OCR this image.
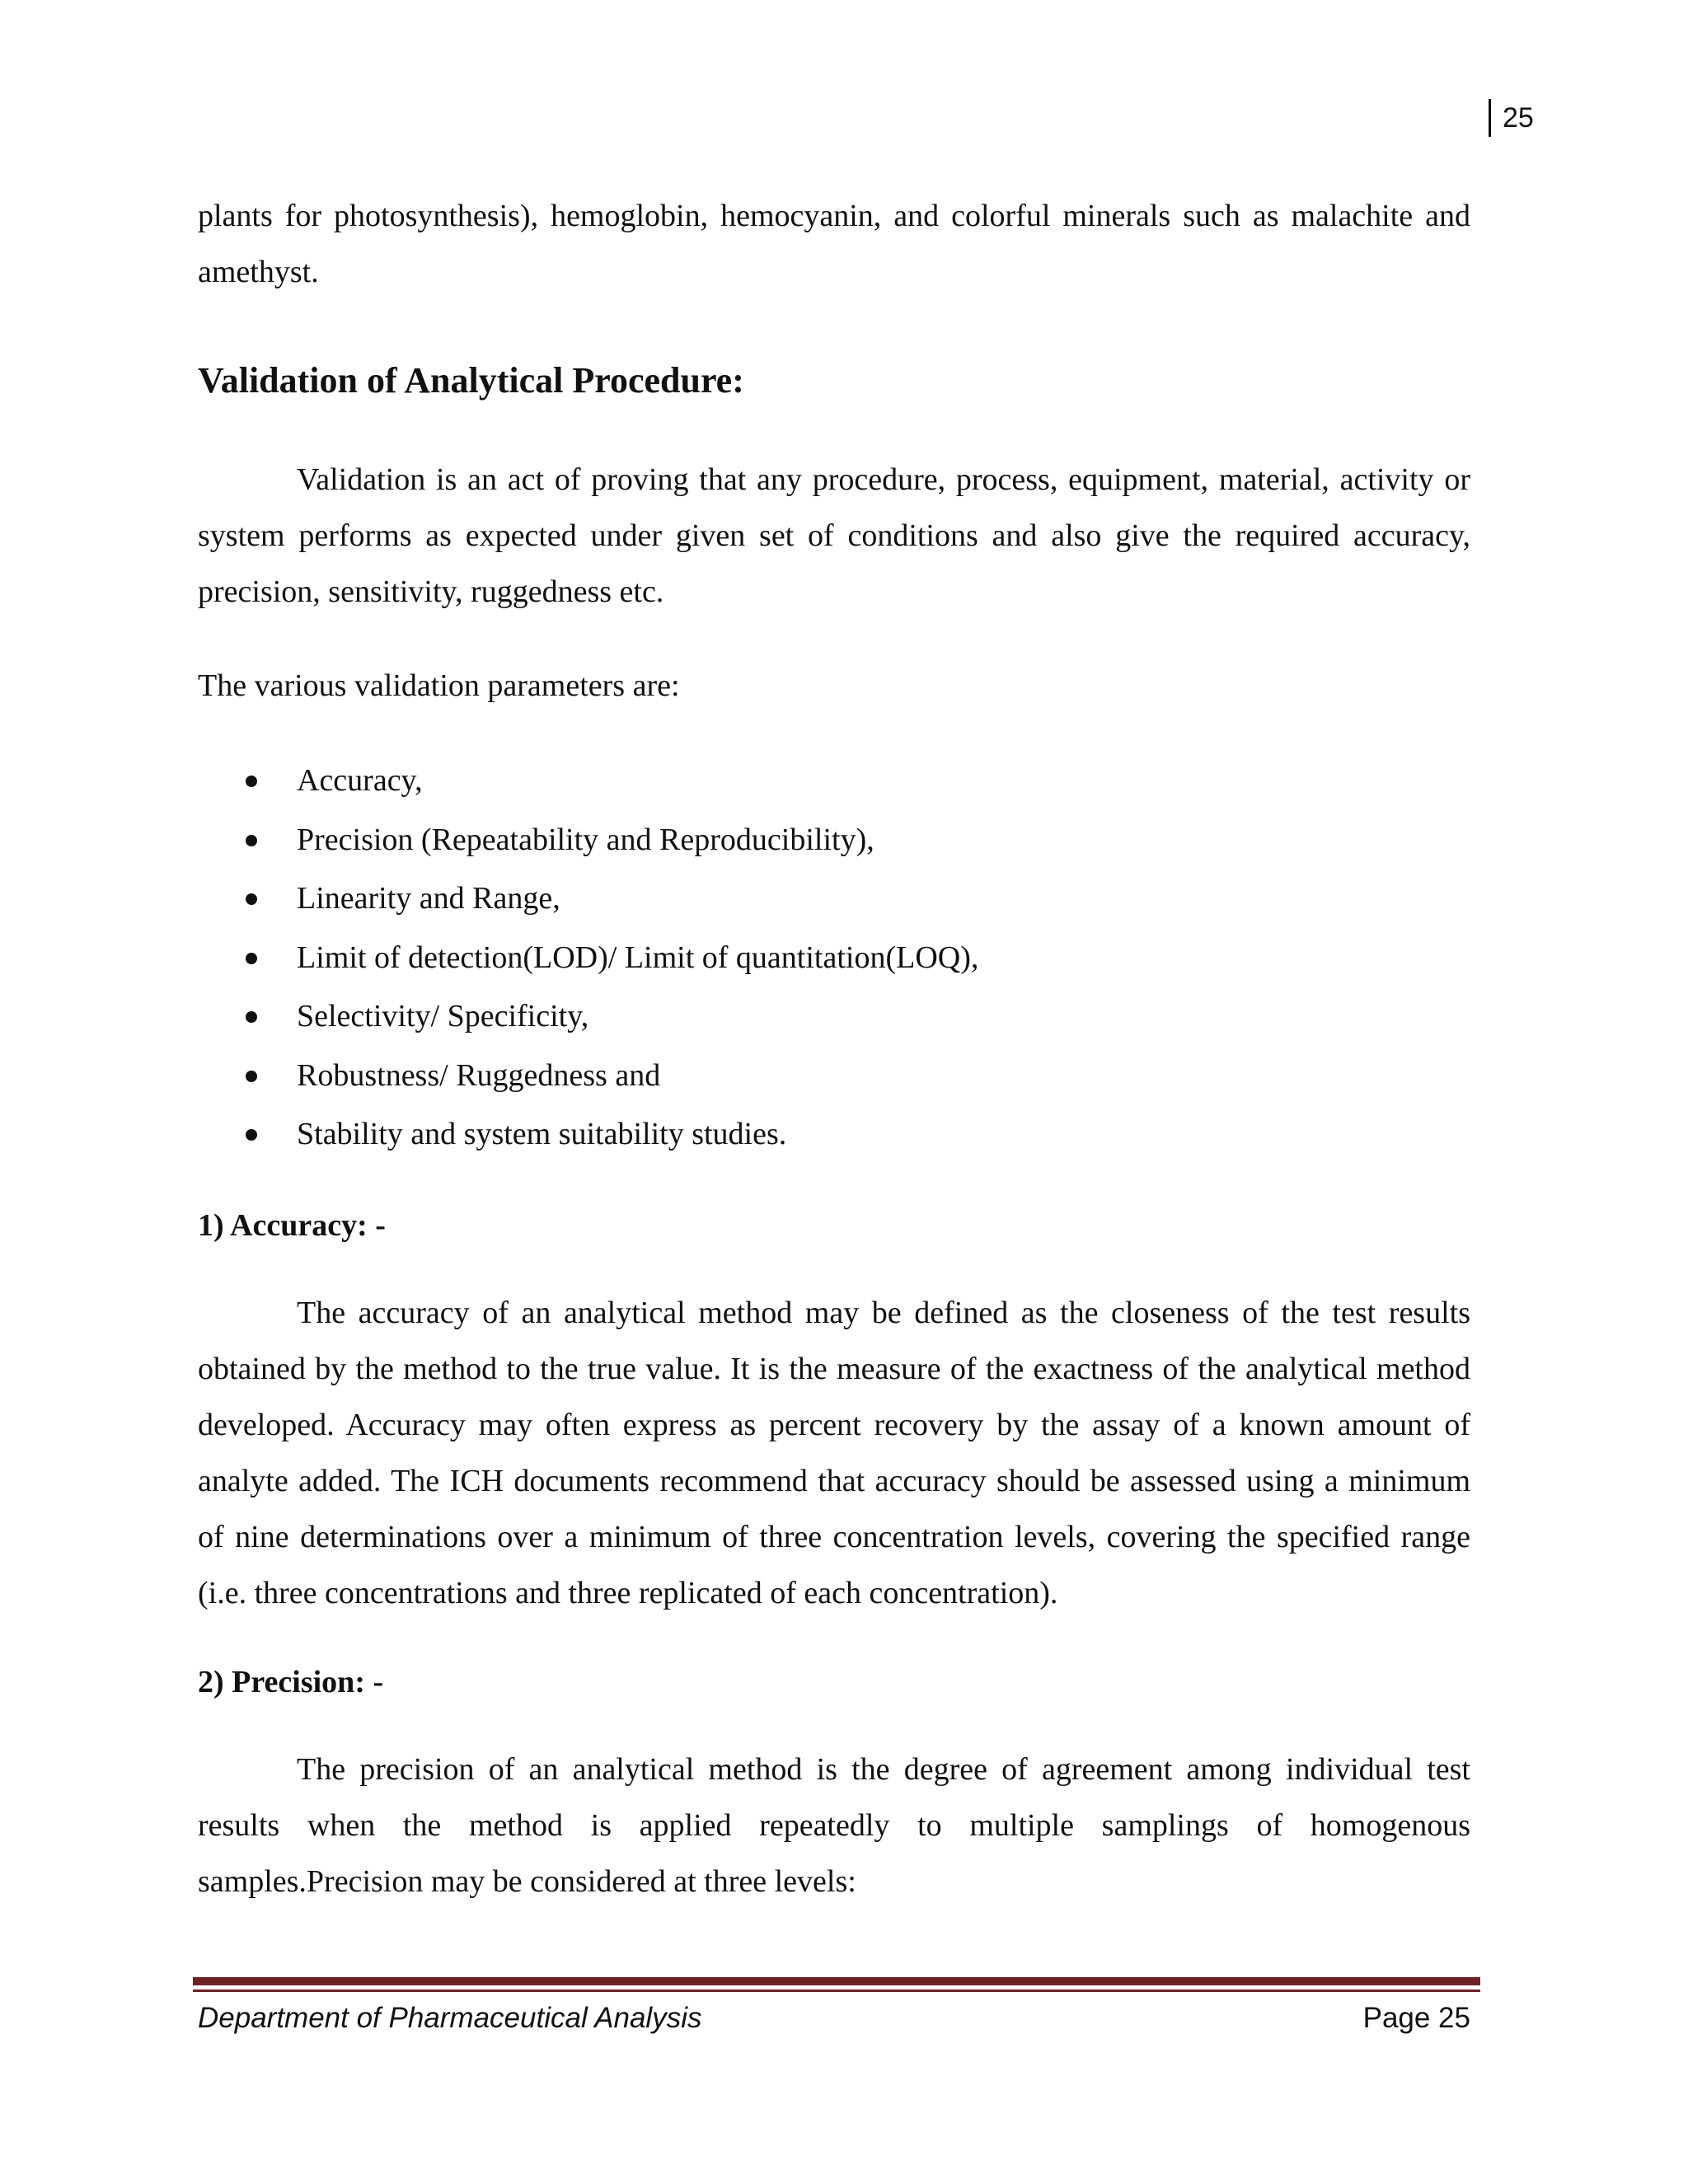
25

plants for photosynthesis), hemoglobin, hemocyanin, and colorful minerals such as malachite and amethyst.

Validation of Analytical Procedure:

Validation is an act of proving that any procedure, process, equipment, material, activity or system performs as expected under given set of conditions and also give the required accuracy, precision, sensitivity, ruggedness etc.

The various validation parameters are:

Accuracy,
Precision (Repeatability and Reproducibility),
Linearity and Range,
Limit of detection(LOD)/ Limit of quantitation(LOQ),
Selectivity/ Specificity,
Robustness/ Ruggedness and
Stability and system suitability studies.
1) Accuracy: -

The accuracy of an analytical method may be defined as the closeness of the test results obtained by the method to the true value. It is the measure of the exactness of the analytical method developed. Accuracy may often express as percent recovery by the assay of a known amount of analyte added. The ICH documents recommend that accuracy should be assessed using a minimum of nine determinations over a minimum of three concentration levels, covering the specified range (i.e. three concentrations and three replicated of each concentration).

2) Precision: -

The precision of an analytical method is the degree of agreement among individual test results when the method is applied repeatedly to multiple samplings of homogenous samples.Precision may be considered at three levels:

Department of Pharmaceutical Analysis	Page 25
